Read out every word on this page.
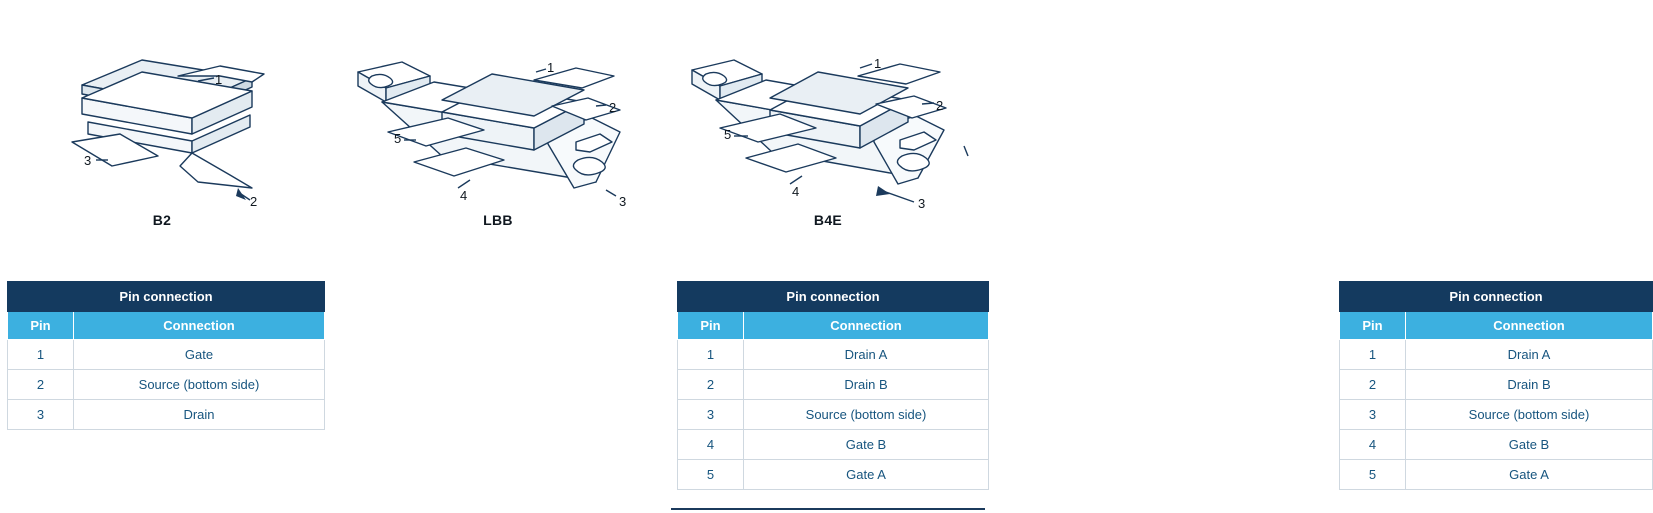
1
2
3
B2
Pin connection	
Pin	Connection
1	Gate
2	Source (bottom side)
3	Drain
1
2
3
4
5
LBB
Pin connection	
Pin	Connection
1	Drain A
2	Drain B
3	Source (bottom side)
4	Gate B
5	Gate A
1
2
3
4
5
B4E
Pin connection	
Pin	Connection
1	Drain A
2	Drain B
3	Source (bottom side)
4	Gate B
5	Gate A
